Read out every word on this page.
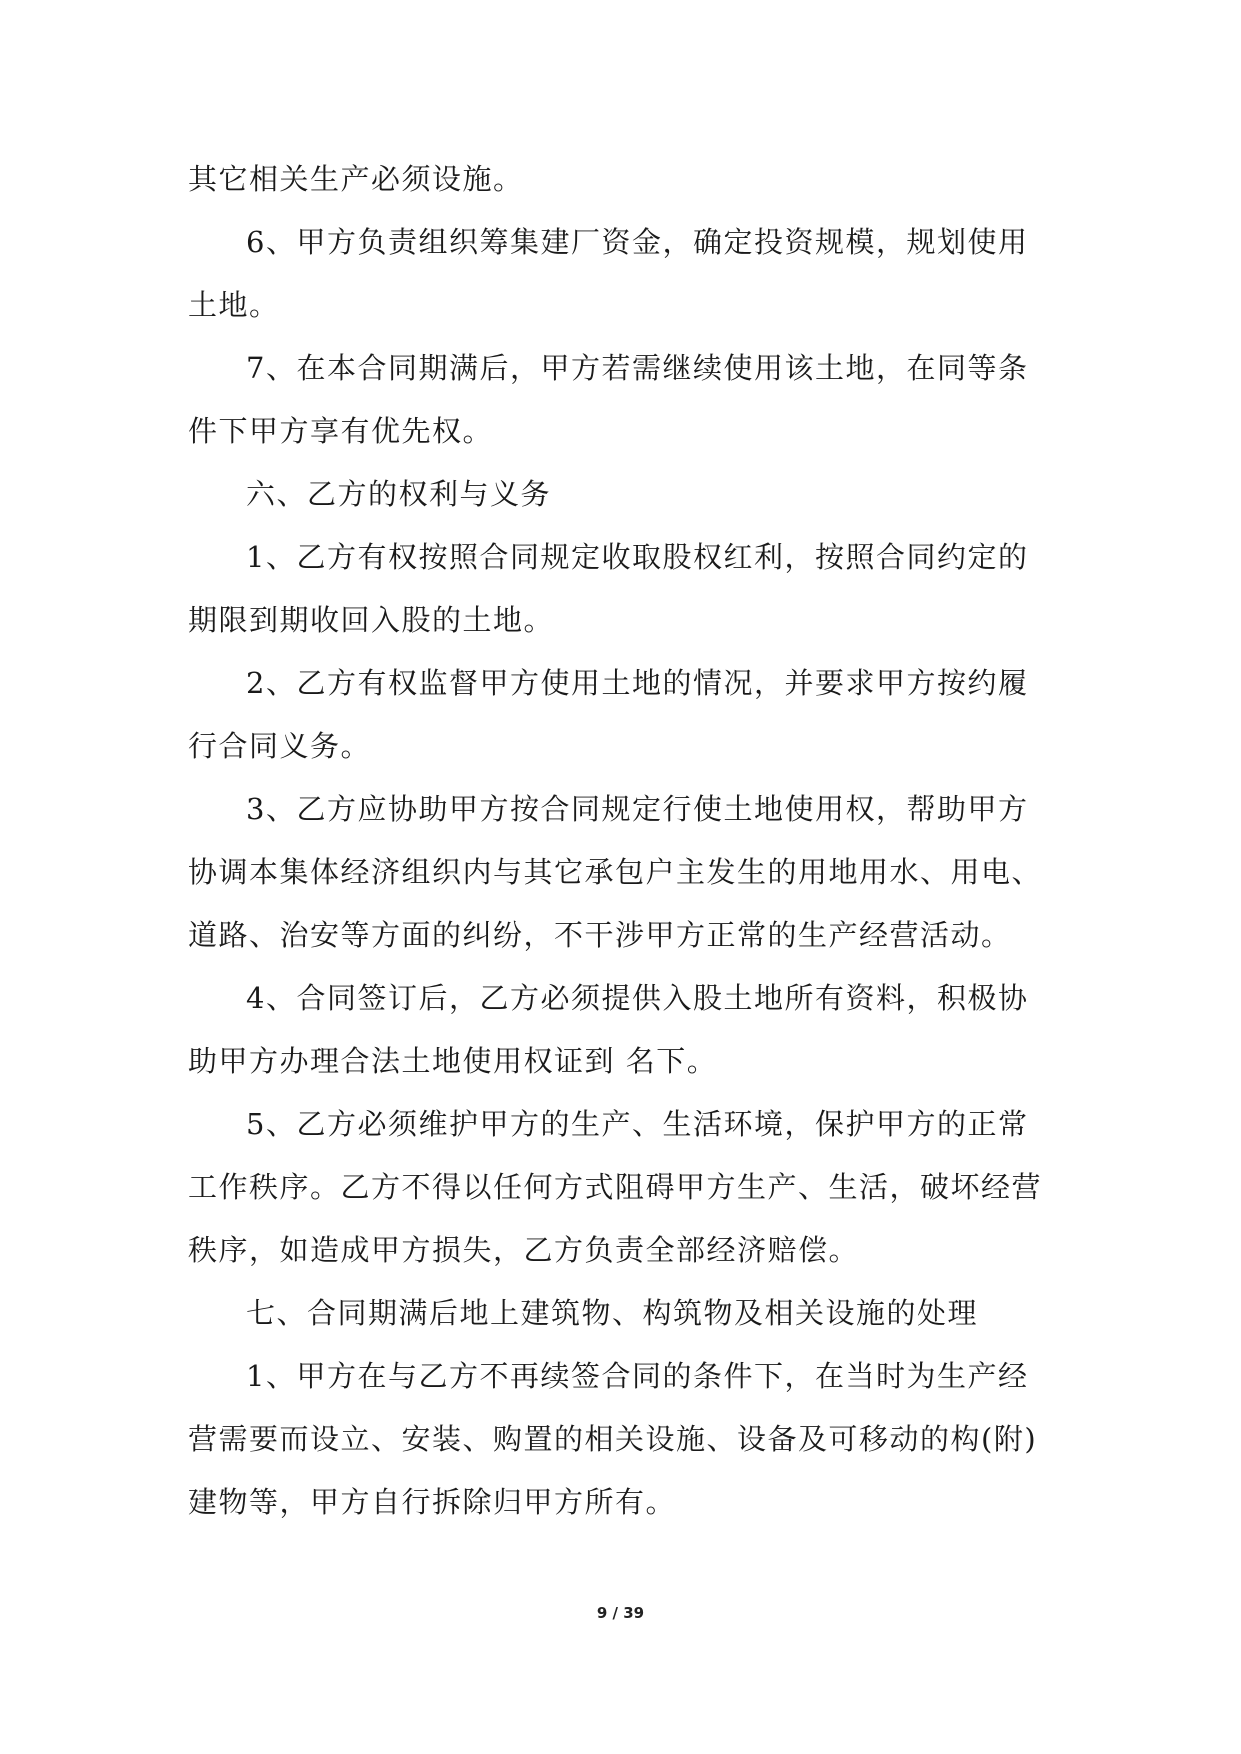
其它相关生产必须设施。
6、甲方负责组织筹集建厂资金，确定投资规模，规划使用
土地。
7、在本合同期满后，甲方若需继续使用该土地，在同等条
件下甲方享有优先权。
六、乙方的权利与义务
1、乙方有权按照合同规定收取股权红利，按照合同约定的
期限到期收回入股的土地。
2、乙方有权监督甲方使用土地的情况，并要求甲方按约履
行合同义务。
3、乙方应协助甲方按合同规定行使土地使用权，帮助甲方
协调本集体经济组织内与其它承包户主发生的用地用水、用电、
道路、治安等方面的纠纷，不干涉甲方正常的生产经营活动。
4、合同签订后，乙方必须提供入股土地所有资料，积极协
助甲方办理合法土地使用权证到 名下。
5、乙方必须维护甲方的生产、生活环境，保护甲方的正常
工作秩序。乙方不得以任何方式阻碍甲方生产、生活，破坏经营
秩序，如造成甲方损失，乙方负责全部经济赔偿。
七、合同期满后地上建筑物、构筑物及相关设施的处理
1、甲方在与乙方不再续签合同的条件下，在当时为生产经
营需要而设立、安装、购置的相关设施、设备及可移动的构(附)
建物等，甲方自行拆除归甲方所有。
9 / 39
